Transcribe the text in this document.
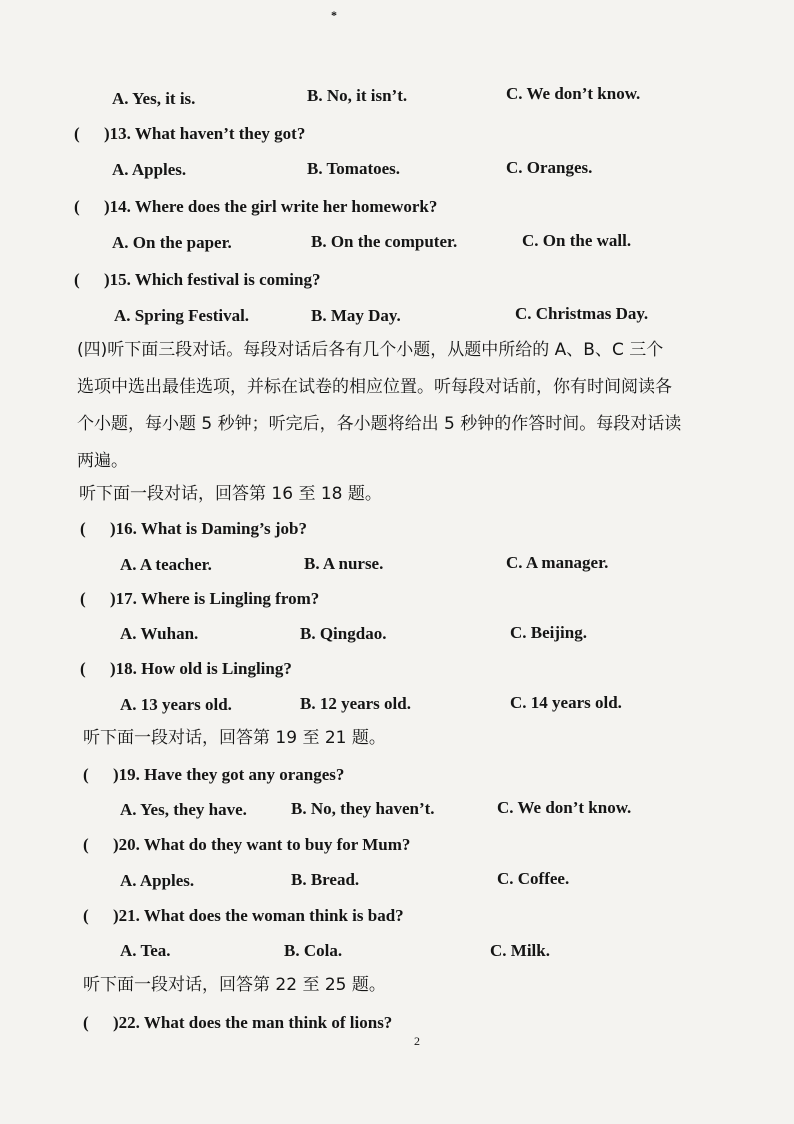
*
A. Yes, it is.	B. No, it isn’t.	C. We don’t know.
( )13. What haven’t they got?
A. Apples.	B. Tomatoes.	C. Oranges.
( )14. Where does the girl write her homework?
A. On the paper.	B. On the computer.	C. On the wall.
( )15. Which festival is coming?
A. Spring Festival.	B. May Day.	C. Christmas Day.
(四)听下面三段对话。每段对话后各有几个小题，从题中所给的 A、B、C 三个
选项中选出最佳选项，并标在试卷的相应位置。听每段对话前，你有时间阅读各
个小题，每小题 5 秒钟；听完后，各小题将给出 5 秒钟的作答时间。每段对话读
两遍。
听下面一段对话，回答第 16 至 18 题。
( )16. What is Daming’s job?
A. A teacher.	B. A nurse.	C. A manager.
( )17. Where is Lingling from?
A. Wuhan.	B. Qingdao.	C. Beijing.
( )18. How old is Lingling?
A. 13 years old.	B. 12 years old.	C. 14 years old.
听下面一段对话，回答第 19 至 21 题。
( )19. Have they got any oranges?
A. Yes, they have.	B. No, they haven’t.	C. We don’t know.
( )20. What do they want to buy for Mum?
A. Apples.	B. Bread.	C. Coffee.
( )21. What does the woman think is bad?
A. Tea.	B. Cola.	C. Milk.
听下面一段对话，回答第 22 至 25 题。
( )22. What does the man think of lions?
2
